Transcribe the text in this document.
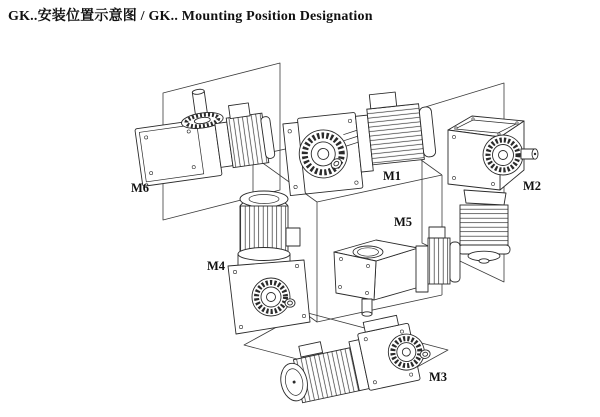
GK..安装位置示意图 / GK.. Mounting Position Designation
M6
M1
M2
M4
M5
M3
